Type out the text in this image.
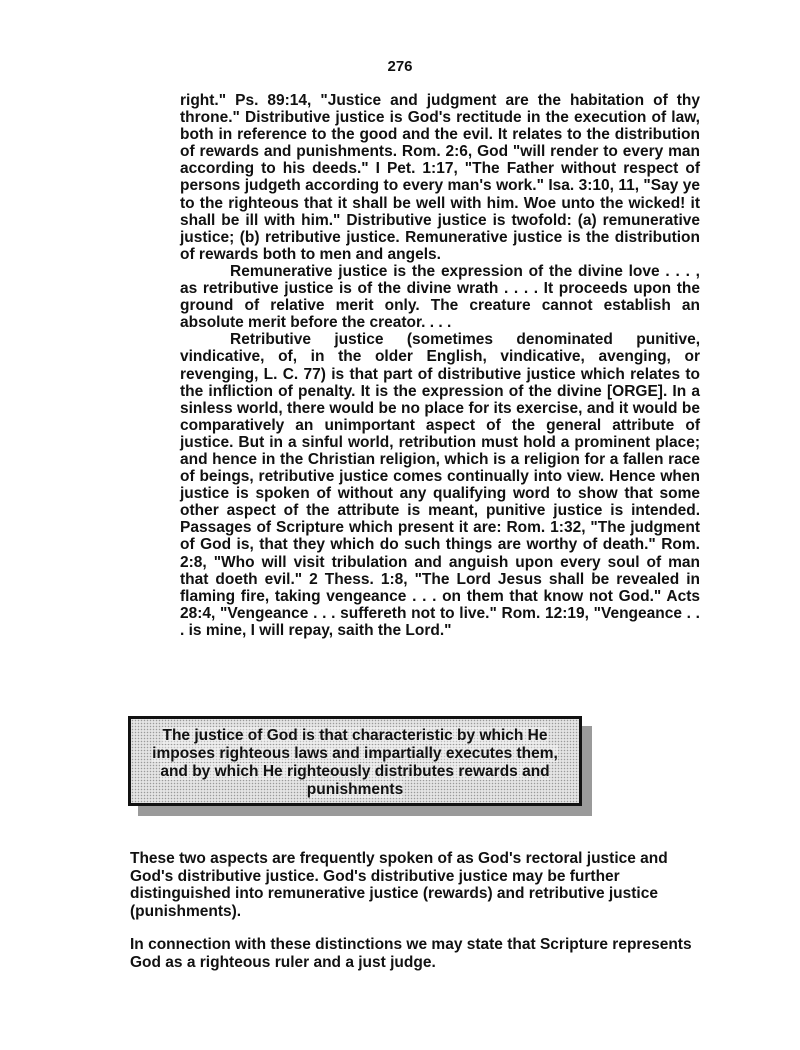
276

right." Ps. 89:14, "Justice and judgment are the habitation of thy throne." Distributive justice is God's rectitude in the execution of law, both in reference to the good and the evil. It relates to the distribution of rewards and punishments. Rom. 2:6, God "will render to every man according to his deeds." I Pet. 1:17, "The Father without respect of persons judgeth according to every man's work." Isa. 3:10, 11, "Say ye to the righteous that it shall be well with him. Woe unto the wicked! it shall be ill with him." Distributive justice is twofold: (a) remunerative justice; (b) retributive justice. Remunerative justice is the distribution of rewards both to men and angels.

Remunerative justice is the expression of the divine love . . . , as retributive justice is of the divine wrath . . . . It proceeds upon the ground of relative merit only. The creature cannot establish an absolute merit before the creator. . . .

Retributive justice (sometimes denominated punitive, vindicative, of, in the older English, vindicative, avenging, or revenging, L. C. 77) is that part of distributive justice which relates to the infliction of penalty. It is the expression of the divine [ORGE]. In a sinless world, there would be no place for its exercise, and it would be comparatively an unimportant aspect of the general attribute of justice. But in a sinful world, retribution must hold a prominent place; and hence in the Christian religion, which is a religion for a fallen race of beings, retributive justice comes continually into view. Hence when justice is spoken of without any qualifying word to show that some other aspect of the attribute is meant, punitive justice is intended. Passages of Scripture which present it are: Rom. 1:32, "The judgment of God is, that they which do such things are worthy of death." Rom. 2:8, "Who will visit tribulation and anguish upon every soul of man that doeth evil." 2 Thess. 1:8, "The Lord Jesus shall be revealed in flaming fire, taking vengeance . . . on them that know not God." Acts 28:4, "Vengeance . . . suffereth not to live." Rom. 12:19, "Vengeance . . . is mine, I will repay, saith the Lord."

The justice of God is that characteristic by which He imposes righteous laws and impartially executes them, and by which He righteously distributes rewards and punishments

These two aspects are frequently spoken of as God's rectoral justice and God's distributive justice. God's distributive justice may be further distinguished into remunerative justice (rewards) and retributive justice (punishments).

In connection with these distinctions we may state that Scripture represents God as a righteous ruler and a just judge.
